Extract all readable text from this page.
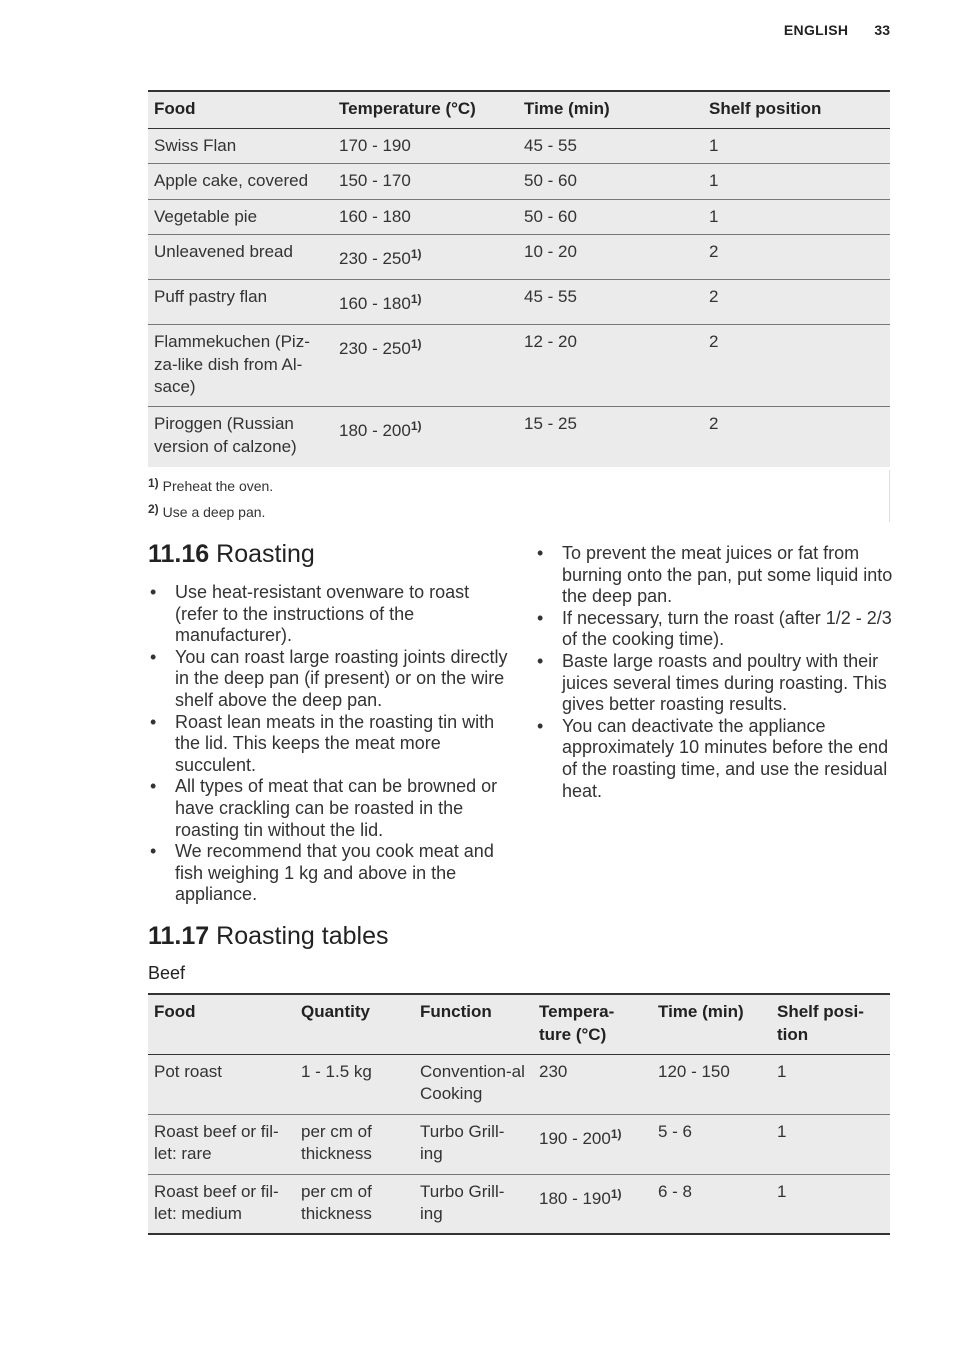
ENGLISH 33
Food	Temperature (°C)	Time (min)	Shelf position
Swiss Flan	170 - 190	45 - 55	1
Apple cake, covered	150 - 170	50 - 60	1
Vegetable pie	160 - 180	50 - 60	1
Unleavened bread	230 - 250$^{1)}$	10 - 20	2
Puff pastry flan	160 - 180$^{1)}$	45 - 55	2
Flammekuchen (Piz-za-like dish from Al-sace)	230 - 250$^{1)}$	12 - 20	2
Piroggen (Russian version of calzone)	180 - 200$^{1)}$	15 - 25	2
1) Preheat the oven.
2) Use a deep pan.
11.16 Roasting
• Use heat-resistant ovenware to roast (refer to the instructions of the manufacturer).
• You can roast large roasting joints directly in the deep pan (if present) or on the wire shelf above the deep pan.
• Roast lean meats in the roasting tin with the lid. This keeps the meat more succulent.
• All types of meat that can be browned or have crackling can be roasted in the roasting tin without the lid.
• We recommend that you cook meat and fish weighing 1 kg and above in the appliance.
• To prevent the meat juices or fat from burning onto the pan, put some liquid into the deep pan.
• If necessary, turn the roast (after 1/2 - 2/3 of the cooking time).
• Baste large roasts and poultry with their juices several times during roasting. This gives better roasting results.
• You can deactivate the appliance approximately 10 minutes before the end of the roasting time, and use the residual heat.
11.17 Roasting tables
Beef
Food	Quantity	Function	Tempera-ture (°C)	Time (min)	Shelf posi-tion
Pot roast	1 - 1.5 kg	Convention-al Cooking	230	120 - 150	1
Roast beef or fil-let: rare	per cm of thickness	Turbo Grill-ing	190 - 200$^{1)}$	5 - 6	1
Roast beef or fil-let: medium	per cm of thickness	Turbo Grill-ing	180 - 190$^{1)}$	6 - 8	1
